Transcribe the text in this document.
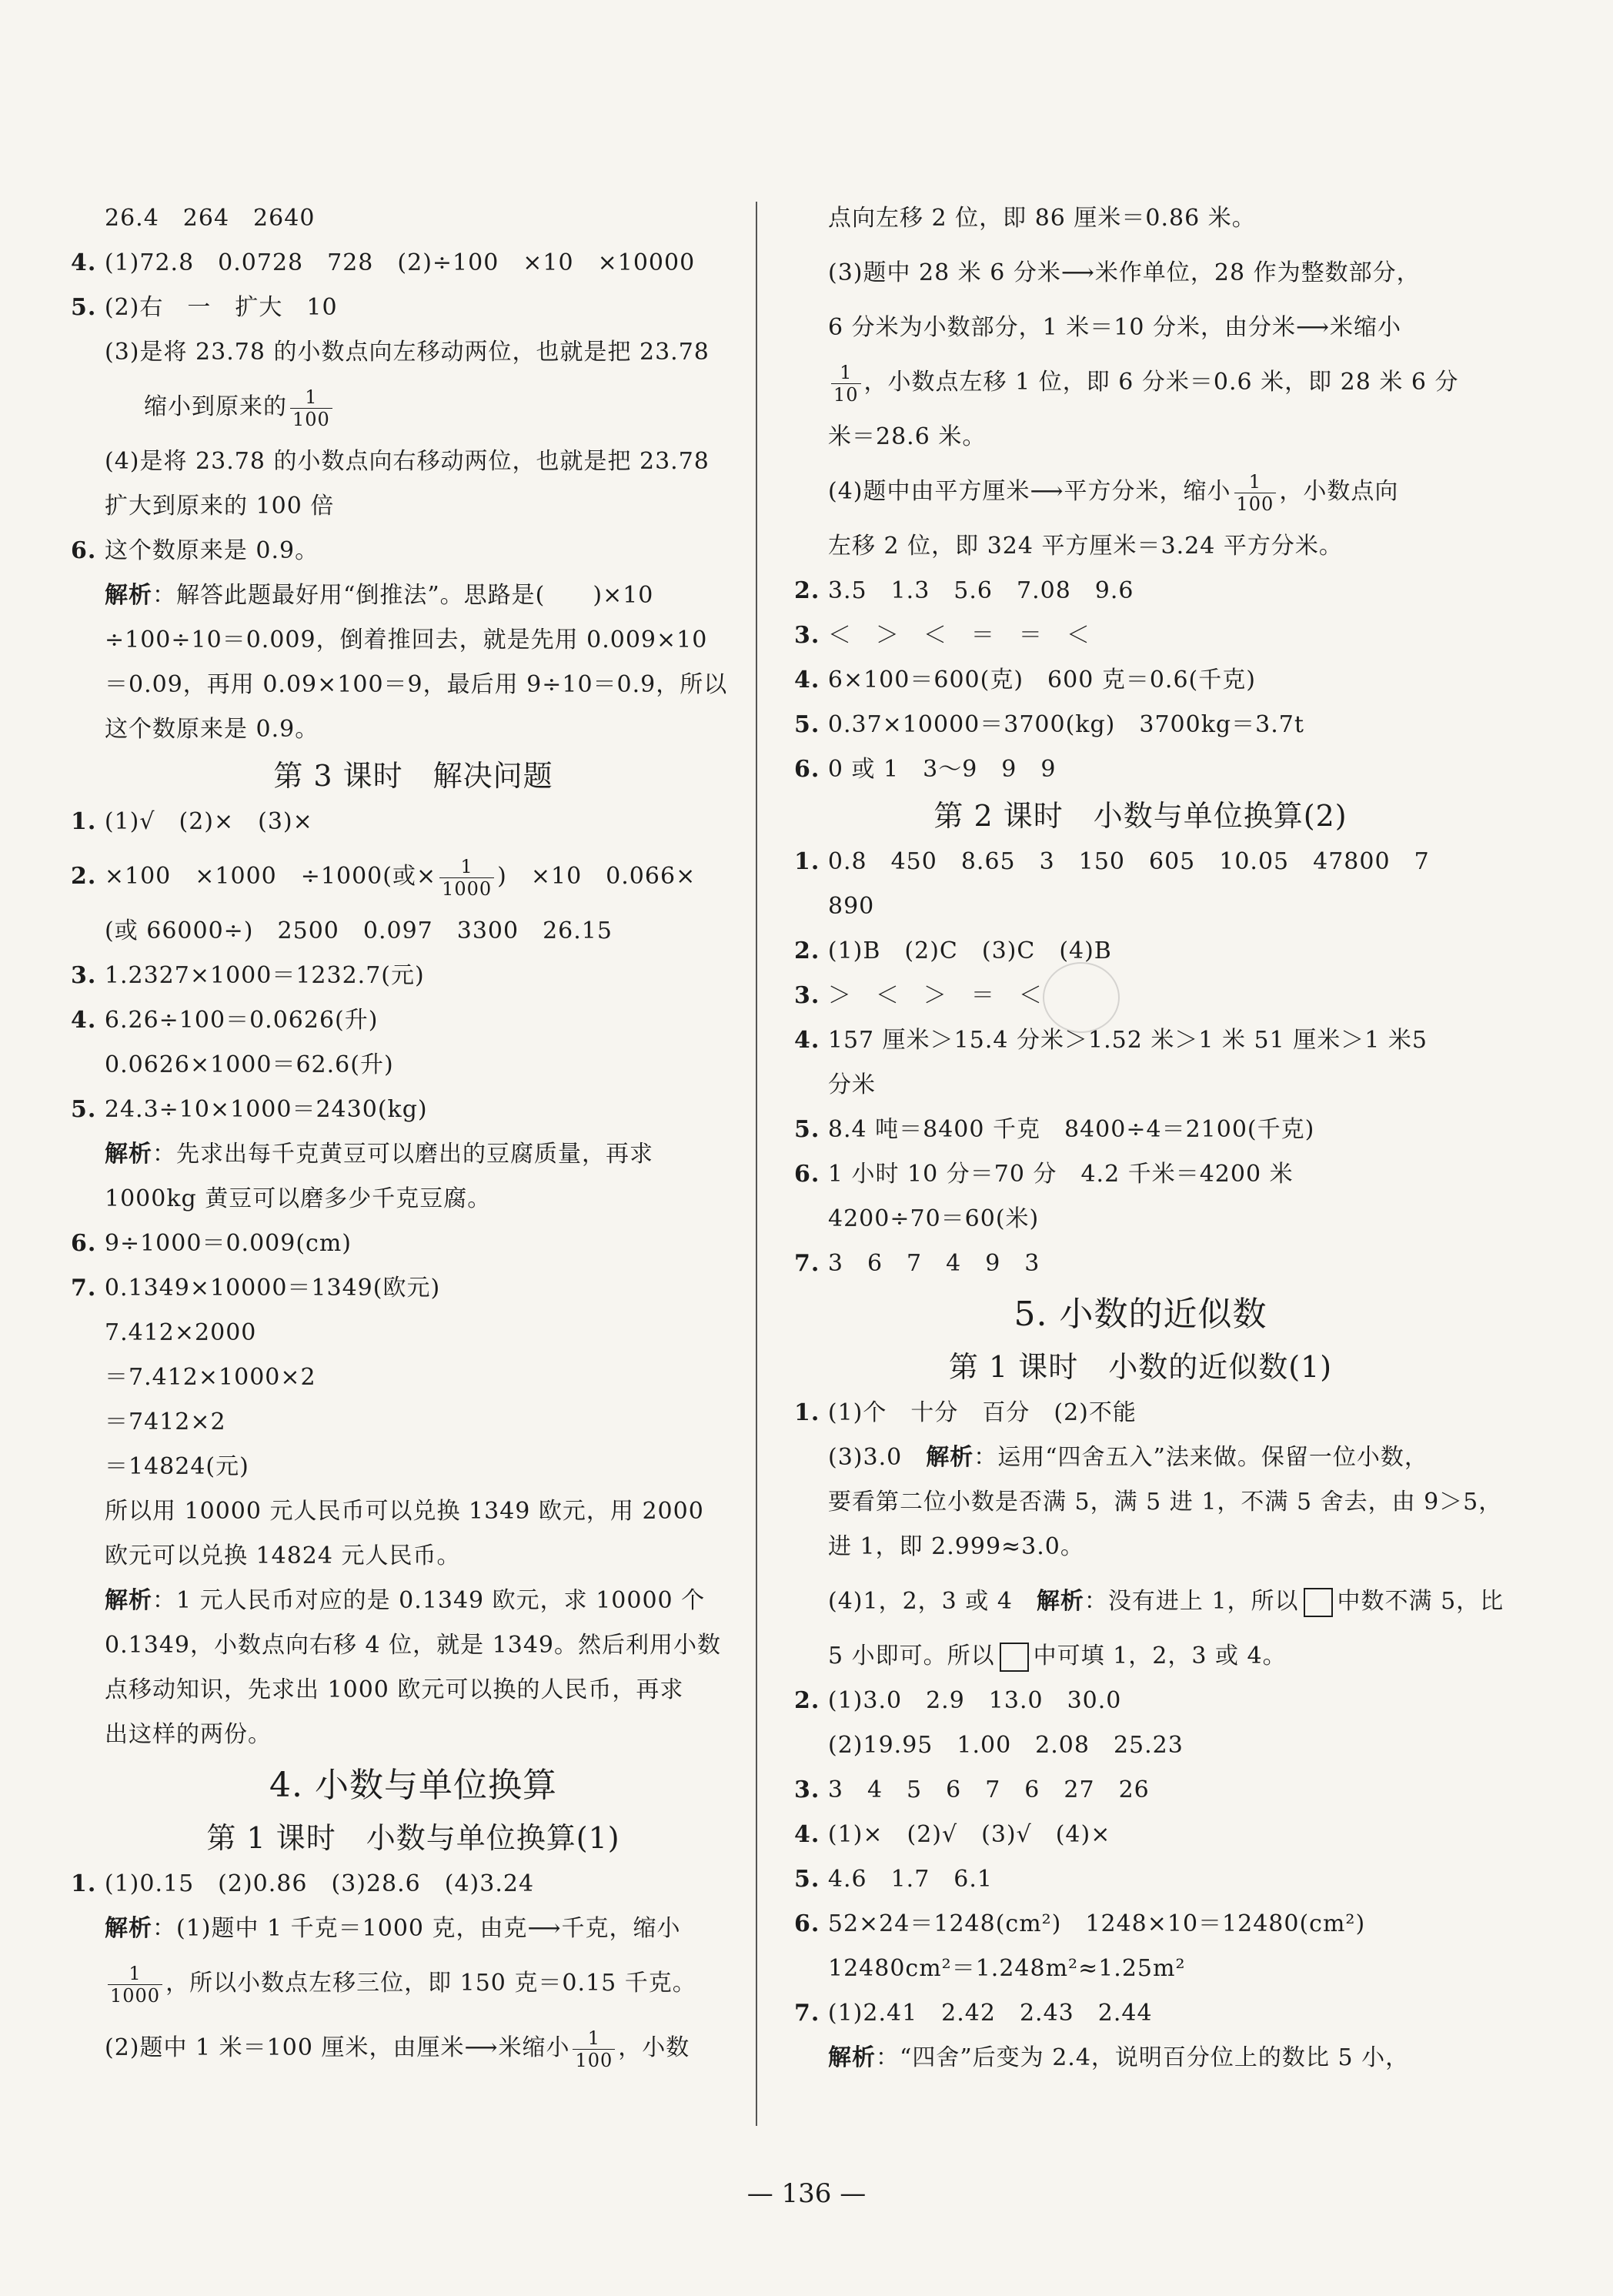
26.4　264　2640
4. (1)72.8　0.0728　728　(2)÷100　×10　×10000
5. (2)右　一　扩大　10
(3)是将 23.78 的小数点向左移动两位，也就是把 23.78
缩小到原来的 $\frac{1}{100}$
(4)是将 23.78 的小数点向右移动两位，也就是把 23.78
扩大到原来的 100 倍
6. 这个数原来是 0.9。
解析：解答此题最好用“倒推法”。思路是(　　)×10
÷100÷10＝0.009，倒着推回去，就是先用 0.009×10
＝0.09，再用 0.09×100＝9，最后用 9÷10＝0.9，所以
这个数原来是 0.9。
第 3 课时　解决问题
1. (1)√　(2)×　(3)×
2. ×100　×1000　÷1000(或× $\frac{1}{1000}$ )　×10　0.066×
(或 66000÷)　2500　0.097　3300　26.15
3. 1.2327×1000＝1232.7(元)
4. 6.26÷100＝0.0626(升)
0.0626×1000＝62.6(升)
5. 24.3÷10×1000＝2430(kg)
解析：先求出每千克黄豆可以磨出的豆腐质量，再求
1000kg 黄豆可以磨多少千克豆腐。
6. 9÷1000＝0.009(cm)
7. 0.1349×10000＝1349(欧元)
7.412×2000
＝7.412×1000×2
＝7412×2
＝14824(元)
所以用 10000 元人民币可以兑换 1349 欧元，用 2000
欧元可以兑换 14824 元人民币。
解析：1 元人民币对应的是 0.1349 欧元，求 10000 个
0.1349，小数点向右移 4 位，就是 1349。然后利用小数
点移动知识，先求出 1000 欧元可以换的人民币，再求
出这样的两份。
4. 小数与单位换算
第 1 课时　小数与单位换算(1)
1. (1)0.15　(2)0.86　(3)28.6　(4)3.24
解析：(1)题中 1 千克＝1000 克，由克⟶千克，缩小
$\frac{1}{1000}$ ，所以小数点左移三位，即 150 克＝0.15 千克。
(2)题中 1 米＝100 厘米，由厘米⟶米缩小 $\frac{1}{100}$ ，小数
点向左移 2 位，即 86 厘米＝0.86 米。
(3)题中 28 米 6 分米⟶米作单位，28 作为整数部分，
6 分米为小数部分，1 米＝10 分米，由分米⟶米缩小
$\frac{1}{10}$ ，小数点左移 1 位，即 6 分米＝0.6 米，即 28 米 6 分
米＝28.6 米。
(4)题中由平方厘米⟶平方分米，缩小 $\frac{1}{100}$ ，小数点向
左移 2 位，即 324 平方厘米＝3.24 平方分米。
2. 3.5　1.3　5.6　7.08　9.6
3. ＜　＞　＜　＝　＝　＜
4. 6×100＝600(克)　600 克＝0.6(千克)
5. 0.37×10000＝3700(kg)　3700kg＝3.7t
6. 0 或 1　3～9　9　9
第 2 课时　小数与单位换算(2)
1. 0.8　450　8.65　3　150　605　10.05　47800　7
890
2. (1)B　(2)C　(3)C　(4)B
3. ＞　＜　＞　＝　＜
4. 157 厘米＞15.4 分米＞1.52 米＞1 米 51 厘米＞1 米5
分米
5. 8.4 吨＝8400 千克　8400÷4＝2100(千克)
6. 1 小时 10 分＝70 分　4.2 千米＝4200 米
4200÷70＝60(米)
7. 3　6　7　4　9　3
5. 小数的近似数
第 1 课时　小数的近似数(1)
1. (1)个　十分　百分　(2)不能
(3)3.0　解析：运用“四舍五入”法来做。保留一位小数，
要看第二位小数是否满 5，满 5 进 1，不满 5 舍去，由 9＞5，
进 1，即 2.999≈3.0。
(4)1，2，3 或 4　解析：没有进上 1，所以 中数不满 5，比
5 小即可。所以 中可填 1，2，3 或 4。
2. (1)3.0　2.9　13.0　30.0
(2)19.95　1.00　2.08　25.23
3. 3　4　5　6　7　6　27　26
4. (1)×　(2)√　(3)√　(4)×
5. 4.6　1.7　6.1
6. 52×24＝1248(cm²)　1248×10＝12480(cm²)
12480cm²＝1.248m²≈1.25m²
7. (1)2.41　2.42　2.43　2.44
解析：“四舍”后变为 2.4，说明百分位上的数比 5 小，
— 136 —
